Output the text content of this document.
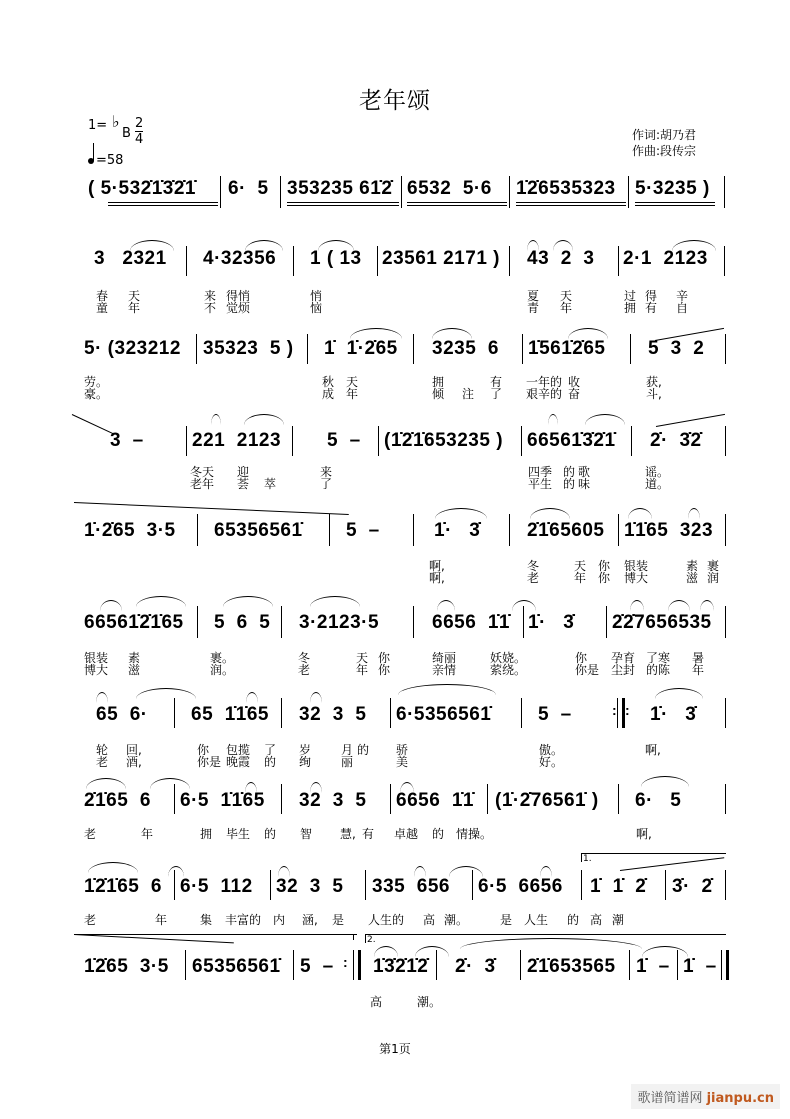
老年颂
1= ♭
B $\frac{2}{4}$
=58
作词:胡乃君
作曲:段传宗
( 5·532̇1̇3̇2̇1̇ 6·  5 353235 61̇2̇ 6532  5·6 1̇2̇6535323 5·3235 )
3   2321 4·32356 1 ( 13 23561 2171 ) 43  2  3 2·1  2123
春 天	来 得悄	悄	夏 天	过 得 辛
童 年	不 觉烦	恼	青 年	拥 有 自
5· (323212 35323  5 ) 1̇  1̇·2̇65 3235  6 1̇561̇2̇65 5  3  2
劳。	秋 天	拥	有 一年的 收	获,
豪。	成 年	倾 注 了 艰辛的 奋	斗,
3  –	221  2123 5  – (1̇2̇1̇653235 ) 66561̇3̇2̇1̇ 2̇·  3̇2̇
冬天 迎	来	四季 的 歌	谣。
老年 荟 萃	了	平生 的 味	道。
1̇·2̇65  3·5 65356561̇ 5  –	1̇·   3̇ 2̇1̇65605 1̇1̇65  323
啊,	冬	天 你 银装	素 裹
啊,	老	年 你 博大	滋 润
66561̇2̇1̇65 5  6  5 3·2123·5	6656  1̇1̇ 1̇·   3̇ 2̇2̇7656535
银装 素	裹。	冬	天 你	绮丽	妖娆。	你 孕育 了寒 暑
博大 滋	润。	老	年 你	亲情	萦绕。	你是 尘封 的陈 年
65  6· 65  1̇1̇65 32  3  5 6·5356561̇ 5  –	: : 1̇·   3̇
轮 回,	你 包揽 了 岁 月 的 骄	傲。	啊,
老 酒,	你是 晚霞 的 绚 丽	美	好。
2̇1̇65  6 6·5  1̇1̇65 32  3  5 6656  1̇1̇ (1̇·2̇76561̇ ) 6·   5
老	年	拥 毕生 的 智 慧, 有 卓越 的 情操。	啊,
1.
1̇2̇1̇65  6 6·5  112 32  3  5 335  656 6·5  6656 1̇  1̇  2̇ 3̇·  2̇
老	年	集 丰富的 内 涵, 是 人生的 高 潮。	是 人生 的 高 潮
2.
1̇2̇65  3·5 65356561̇ 5  – : 1̇3̇2̇1̇2̇ 2̇·  3̇ 2̇1̇653565 1̇  – 1̇  –
高	潮。
第1页
歌谱简谱网 jianpu.cn
